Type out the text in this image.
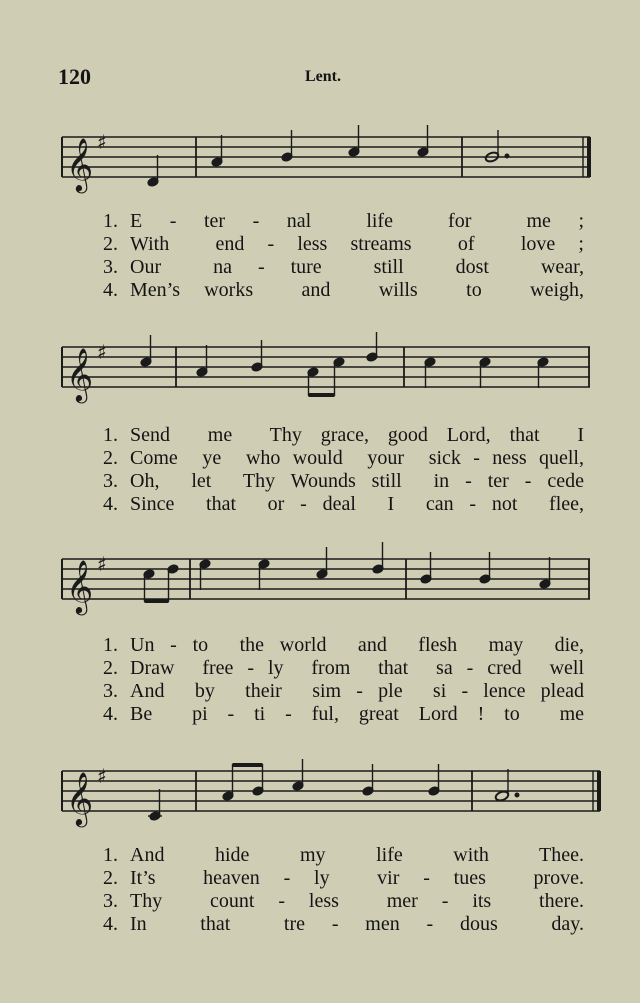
120	Lent.
𝄞 ♯
1. E - ter - nal  life  for  me ;
2. With  end - less streams  of  love ;
3. Our  na - ture  still  dost  wear,
4. Men’s works  and  wills  to  weigh,
𝄞 ♯
1. Send  me  Thy grace, good Lord, that  I
2. Come  ye  who would  your  sick - ness quell,
3. Oh,  let  Thy Wounds still  in - ter - cede
4. Since  that  or - deal  I  can - not  flee,
𝄞 ♯
1. Un - to  the world  and  flesh  may  die,
2. Draw  free - ly  from  that  sa - cred  well
3. And  by  their  sim - ple  si - lence plead
4. Be  pi - ti - ful, great Lord ! to  me
𝄞 ♯
1. And  hide  my  life  with  Thee.
2. It’s  heaven - ly  vir - tues  prove.
3. Thy  count - less  mer - its  there.
4. In  that  tre - men - dous  day.
